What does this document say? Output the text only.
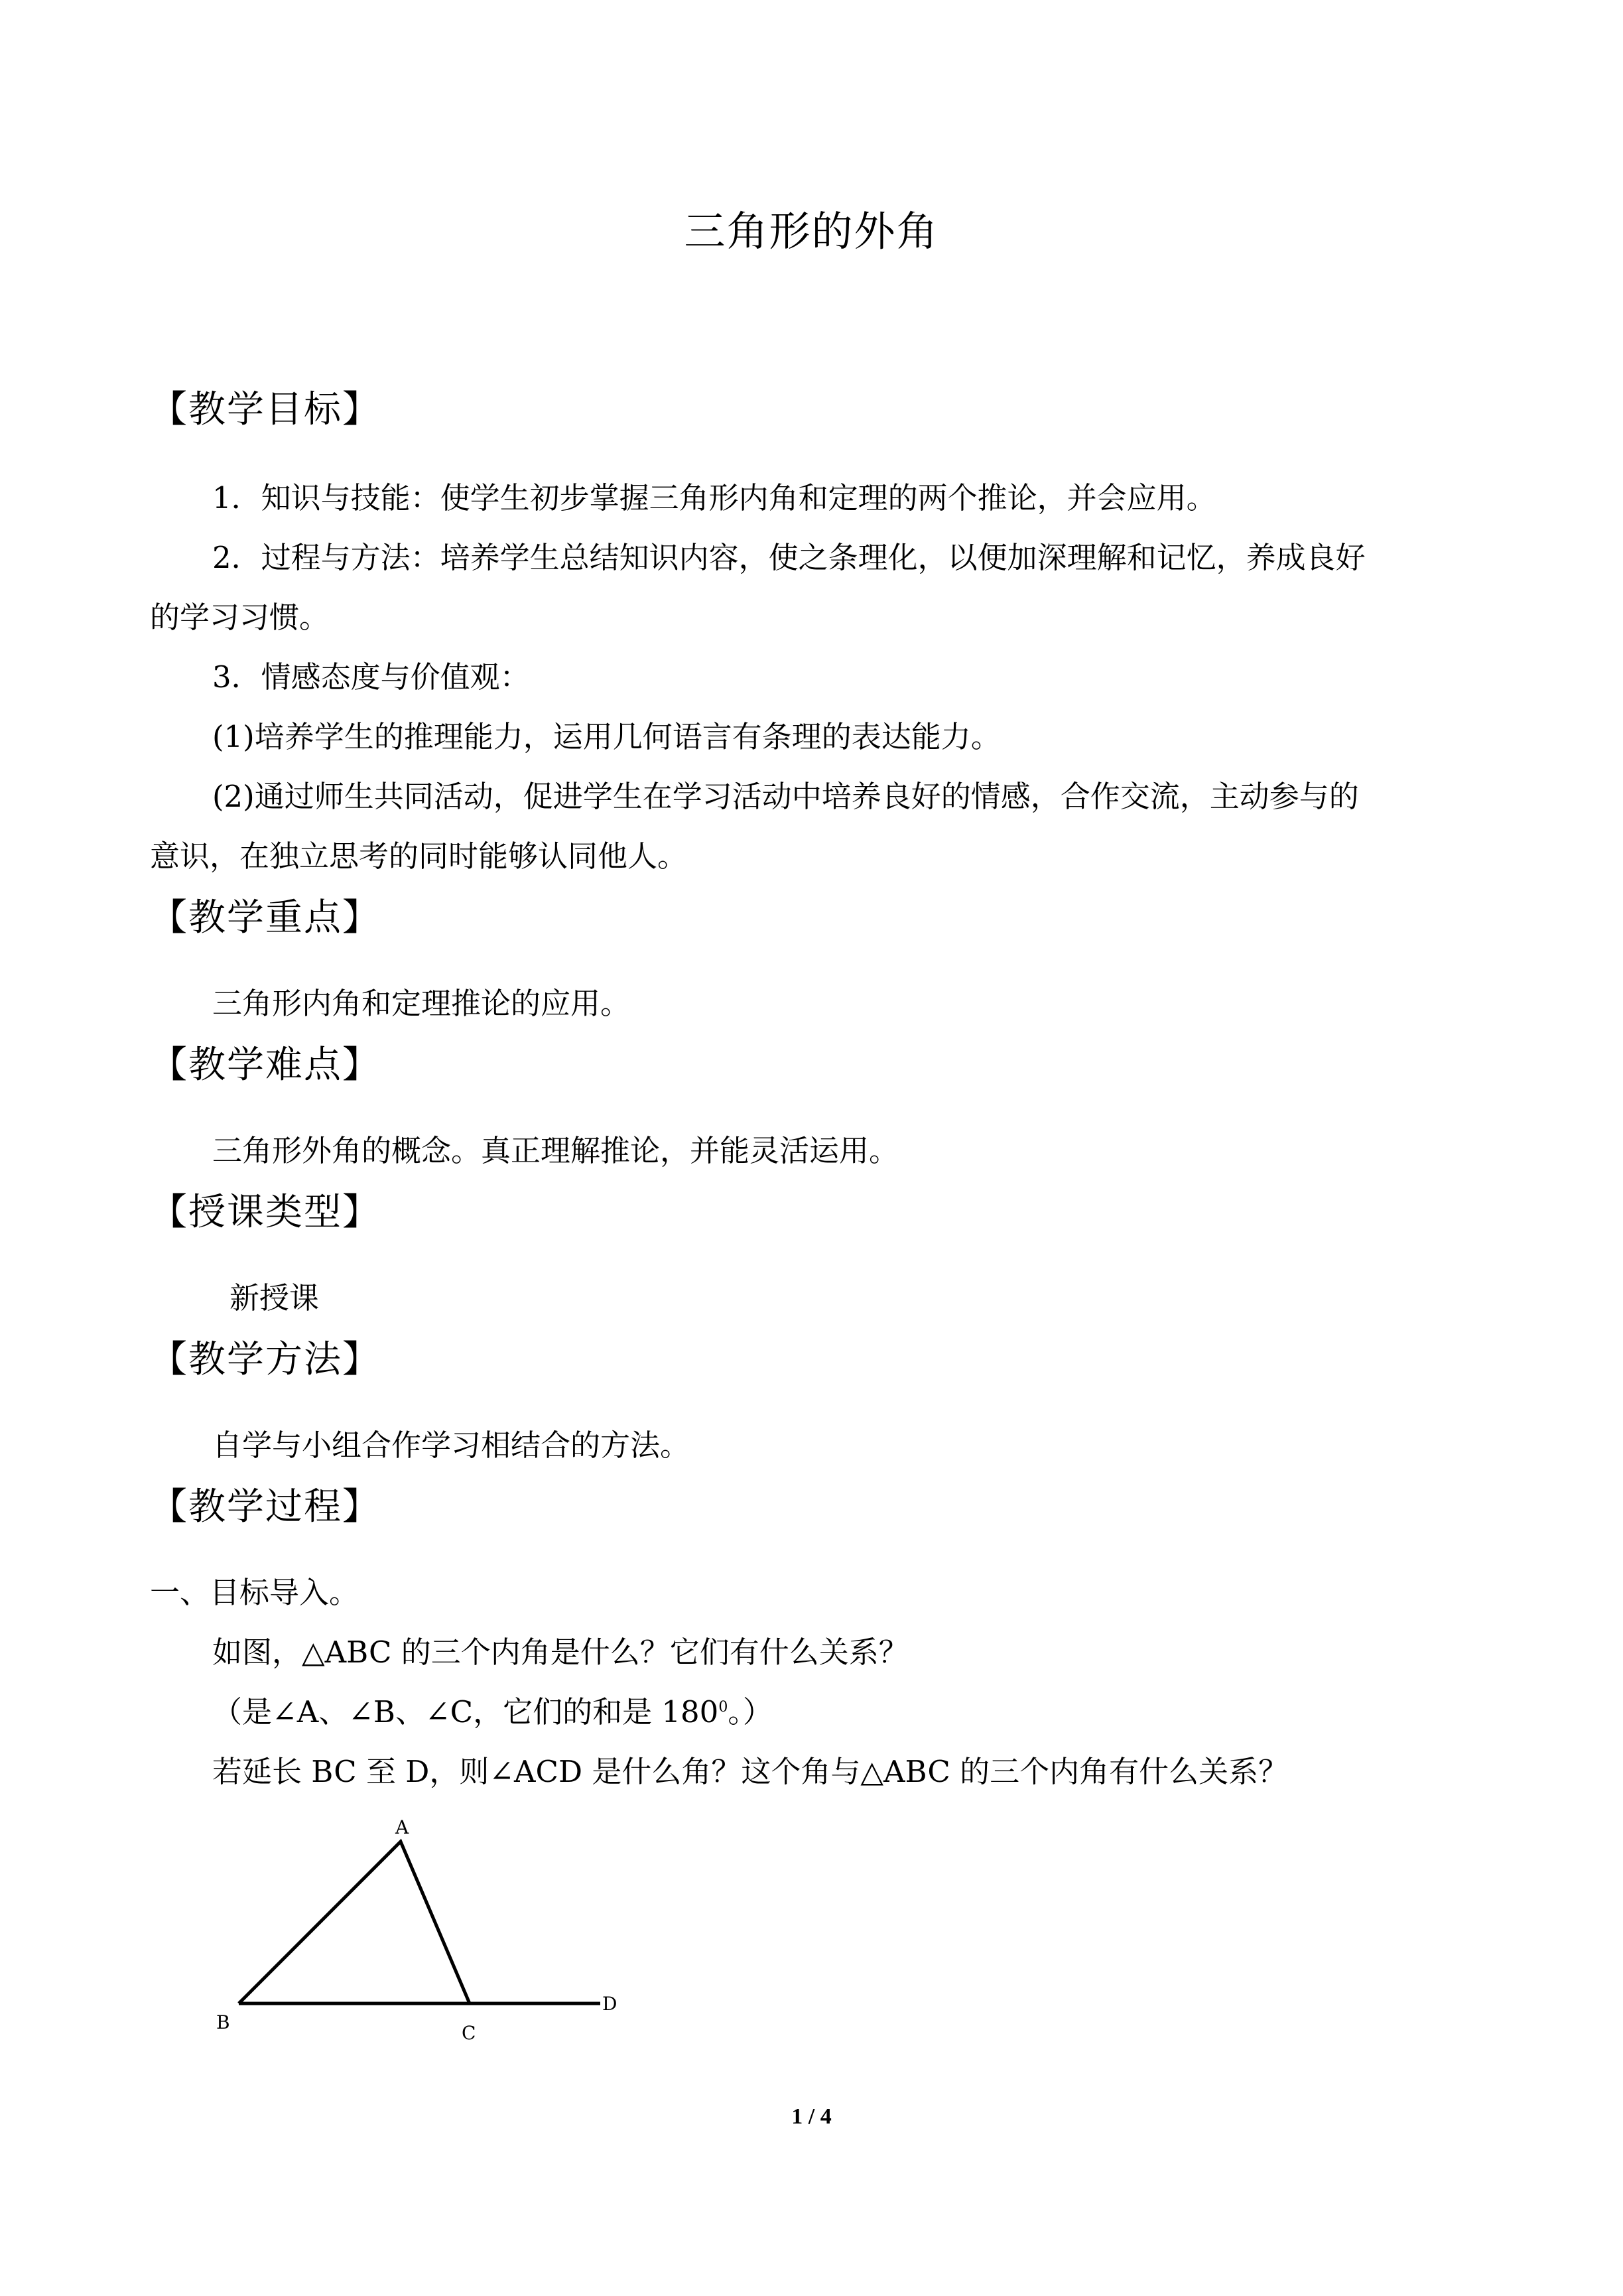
三角形的外角
【教学目标】
1．知识与技能：使学生初步掌握三角形内角和定理的两个推论，并会应用。
2．过程与方法：培养学生总结知识内容，使之条理化，以便加深理解和记忆，养成良好
的学习习惯。
3．情感态度与价值观：
(1)培养学生的推理能力，运用几何语言有条理的表达能力。
(2)通过师生共同活动，促进学生在学习活动中培养良好的情感，合作交流，主动参与的
意识，在独立思考的同时能够认同他人。
【教学重点】
三角形内角和定理推论的应用。
【教学难点】
三角形外角的概念。真正理解推论，并能灵活运用。
【授课类型】
新授课
【教学方法】
自学与小组合作学习相结合的方法。
【教学过程】
一、目标导入。
如图，△ABC 的三个内角是什么？它们有什么关系？
（是∠A、∠B、∠C，它们的和是 $180^0$。）
若延长 BC 至 D，则∠ACD 是什么角？这个角与△ABC 的三个内角有什么关系？
A
B	C
D
1 / 4
